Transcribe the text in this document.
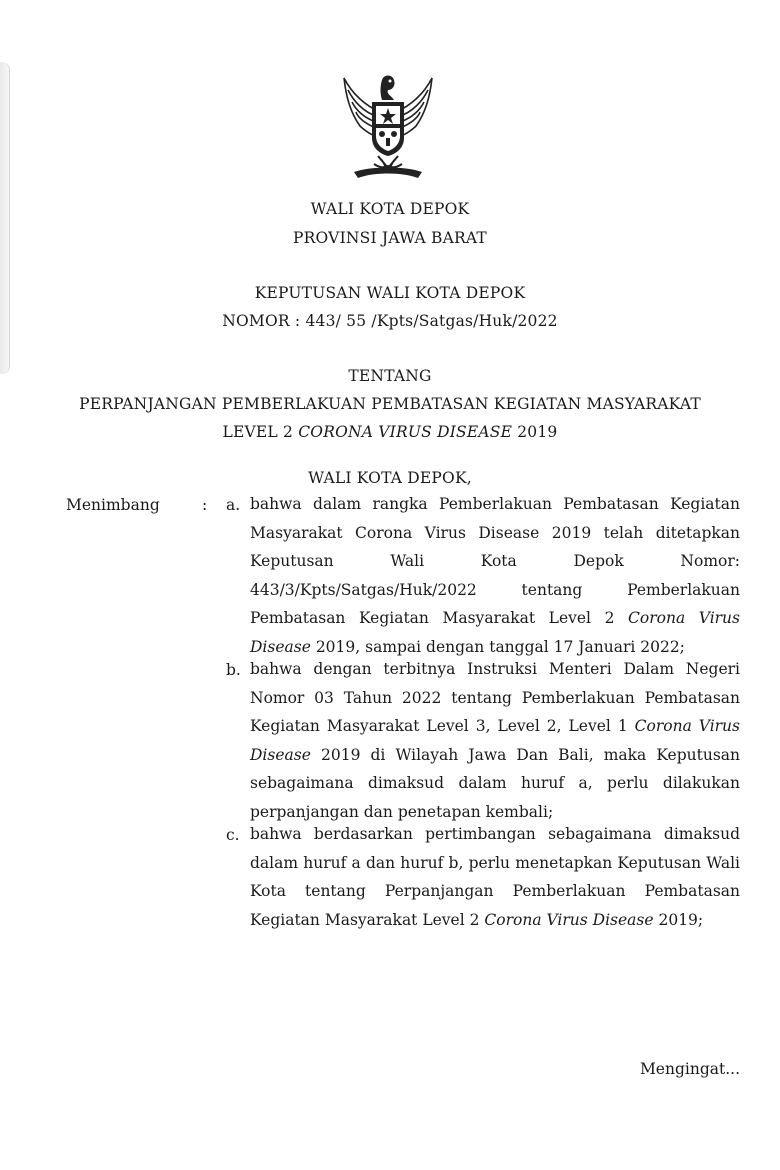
WALI KOTA DEPOK
PROVINSI JAWA BARAT
KEPUTUSAN WALI KOTA DEPOK
NOMOR : 443/ 55 /Kpts/Satgas/Huk/2022
TENTANG
PERPANJANGAN PEMBERLAKUAN PEMBATASAN KEGIATAN MASYARAKAT
LEVEL 2 CORONA VIRUS DISEASE 2019
WALI KOTA DEPOK,
Menimbang	: a. bahwa dalam rangka Pemberlakuan Pembatasan Kegiatan Masyarakat Corona Virus Disease 2019 telah ditetapkan Keputusan Wali Kota Depok Nomor: 443/3/Kpts/Satgas/Huk/2022 tentang Pemberlakuan Pembatasan Kegiatan Masyarakat Level 2 Corona Virus Disease 2019, sampai dengan tanggal 17 Januari 2022;
b. bahwa dengan terbitnya Instruksi Menteri Dalam Negeri Nomor 03 Tahun 2022 tentang Pemberlakuan Pembatasan Kegiatan Masyarakat Level 3, Level 2, Level 1 Corona Virus Disease 2019 di Wilayah Jawa Dan Bali, maka Keputusan sebagaimana dimaksud dalam huruf a, perlu dilakukan perpanjangan dan penetapan kembali;
c. bahwa berdasarkan pertimbangan sebagaimana dimaksud dalam huruf a dan huruf b, perlu menetapkan Keputusan Wali Kota tentang Perpanjangan Pemberlakuan Pembatasan Kegiatan Masyarakat Level 2 Corona Virus Disease 2019;
Mengingat...
